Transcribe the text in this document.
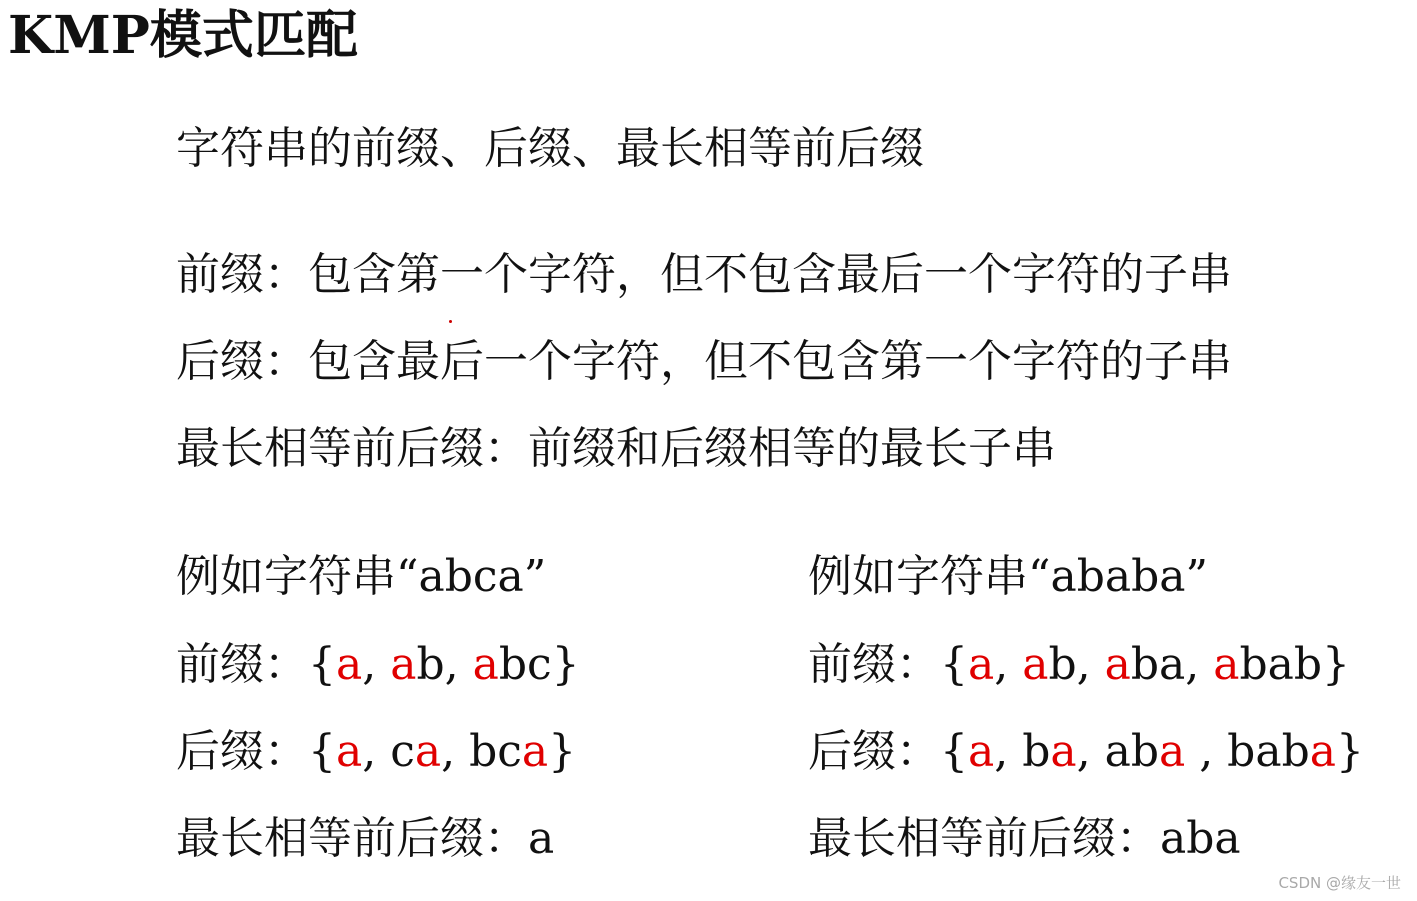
KMP模式匹配
字符串的前缀、后缀、最长相等前后缀
前缀：包含第一个字符，但不包含最后一个字符的子串
后缀：包含最后一个字符，但不包含第一个字符的子串
最长相等前后缀：前缀和后缀相等的最长子串
例如字符串“abca”
前缀：{a, ab, abc}
后缀：{a, ca, bca}
最长相等前后缀：a
例如字符串“ababa”
前缀：{a, ab, aba, abab}
后缀：{a, ba, aba , baba}
最长相等前后缀：aba
CSDN @缘友一世
